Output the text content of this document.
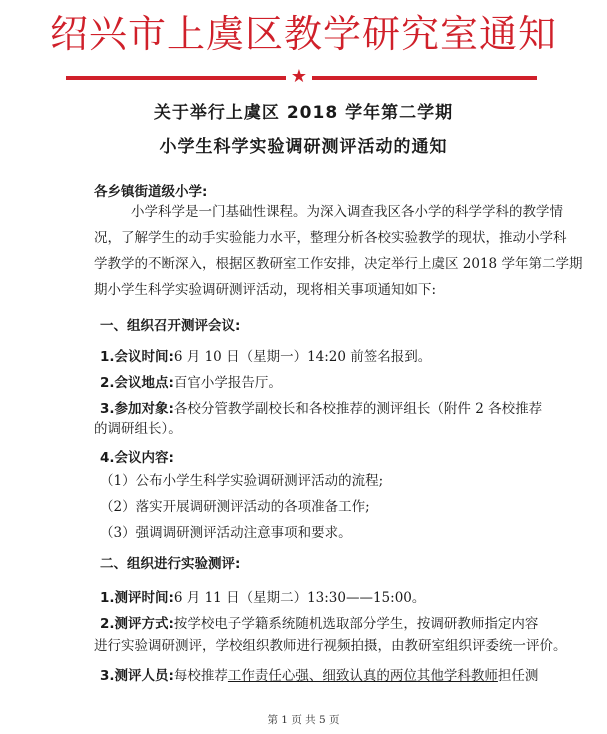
绍兴市上虞区教学研究室通知
★
关于举行上虞区 2018 学年第二学期
小学生科学实验调研测评活动的通知
各乡镇街道级小学:
小学科学是一门基础性课程。为深入调查我区各小学的科学学科的教学情
况，了解学生的动手实验能力水平，整理分析各校实验教学的现状，推动小学科
学教学的不断深入，根据区教研室工作安排，决定举行上虞区 2018 学年第二学期
期小学生科学实验调研测评活动，现将相关事项通知如下:
一、组织召开测评会议:
1.会议时间:6 月 10 日（星期一）14:20 前签名报到。
2.会议地点:百官小学报告厅。
3.参加对象:各校分管教学副校长和各校推荐的测评组长（附件 2 各校推荐
的调研组长）。
4.会议内容:
（1）公布小学生科学实验调研测评活动的流程;
（2）落实开展调研测评活动的各项准备工作;
（3）强调调研测评活动注意事项和要求。
二、组织进行实验测评:
1.测评时间:6 月 11 日（星期二）13:30——15:00。
2.测评方式:按学校电子学籍系统随机选取部分学生，按调研教师指定内容
进行实验调研测评，学校组织教师进行视频拍摄，由教研室组织评委统一评价。
3.测评人员:每校推荐工作责任心强、细致认真的两位其他学科教师担任测
第 1 页 共 5 页
